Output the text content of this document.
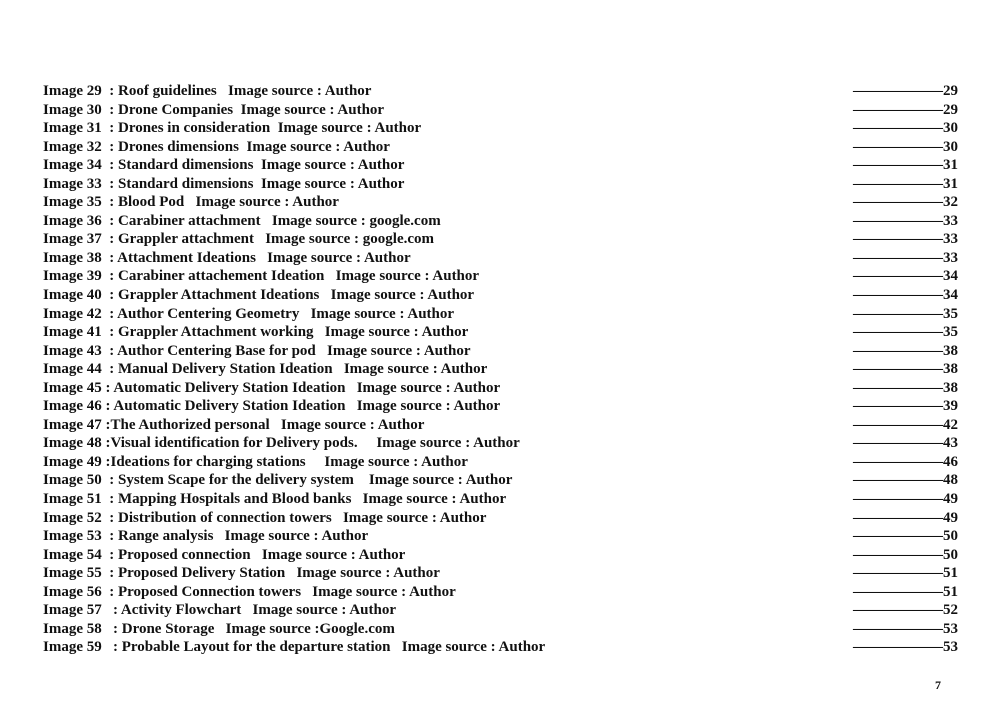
Image 29  : Roof guidelines   Image source : Author	——————29
Image 30  : Drone Companies  Image source : Author	——————29
Image 31  : Drones in consideration  Image source : Author	——————30
Image 32  : Drones dimensions  Image source : Author	——————30
Image 34  : Standard dimensions  Image source : Author	——————31
Image 33  : Standard dimensions  Image source : Author	——————31
Image 35  : Blood Pod   Image source : Author	——————32
Image 36  : Carabiner attachment   Image source : google.com	——————33
Image 37  : Grappler attachment   Image source : google.com	——————33
Image 38  : Attachment Ideations   Image source : Author	——————33
Image 39  : Carabiner attachement Ideation   Image source : Author	——————34
Image 40  : Grappler Attachment Ideations   Image source : Author	——————34
Image 42  : Author Centering Geometry   Image source : Author	——————35
Image 41  : Grappler Attachment working   Image source : Author	——————35
Image 43  : Author Centering Base for pod   Image source : Author	——————38
Image 44  : Manual Delivery Station Ideation   Image source : Author	——————38
Image 45 : Automatic Delivery Station Ideation   Image source : Author	——————38
Image 46 : Automatic Delivery Station Ideation   Image source : Author	——————39
Image 47 :The Authorized personal   Image source : Author	——————42
Image 48 :Visual identification for Delivery pods.     Image source : Author	——————43
Image 49 :Ideations for charging stations     Image source : Author	——————46
Image 50  : System Scape for the delivery system    Image source : Author	——————48
Image 51  : Mapping Hospitals and Blood banks   Image source : Author	——————49
Image 52  : Distribution of connection towers   Image source : Author	——————49
Image 53  : Range analysis   Image source : Author	——————50
Image 54  : Proposed connection   Image source : Author	——————50
Image 55  : Proposed Delivery Station   Image source : Author	——————51
Image 56  : Proposed Connection towers   Image source : Author	——————51
Image 57   : Activity Flowchart   Image source : Author	——————52
Image 58   : Drone Storage   Image source :Google.com	——————53
Image 59   : Probable Layout for the departure station   Image source : Author	——————53
7
